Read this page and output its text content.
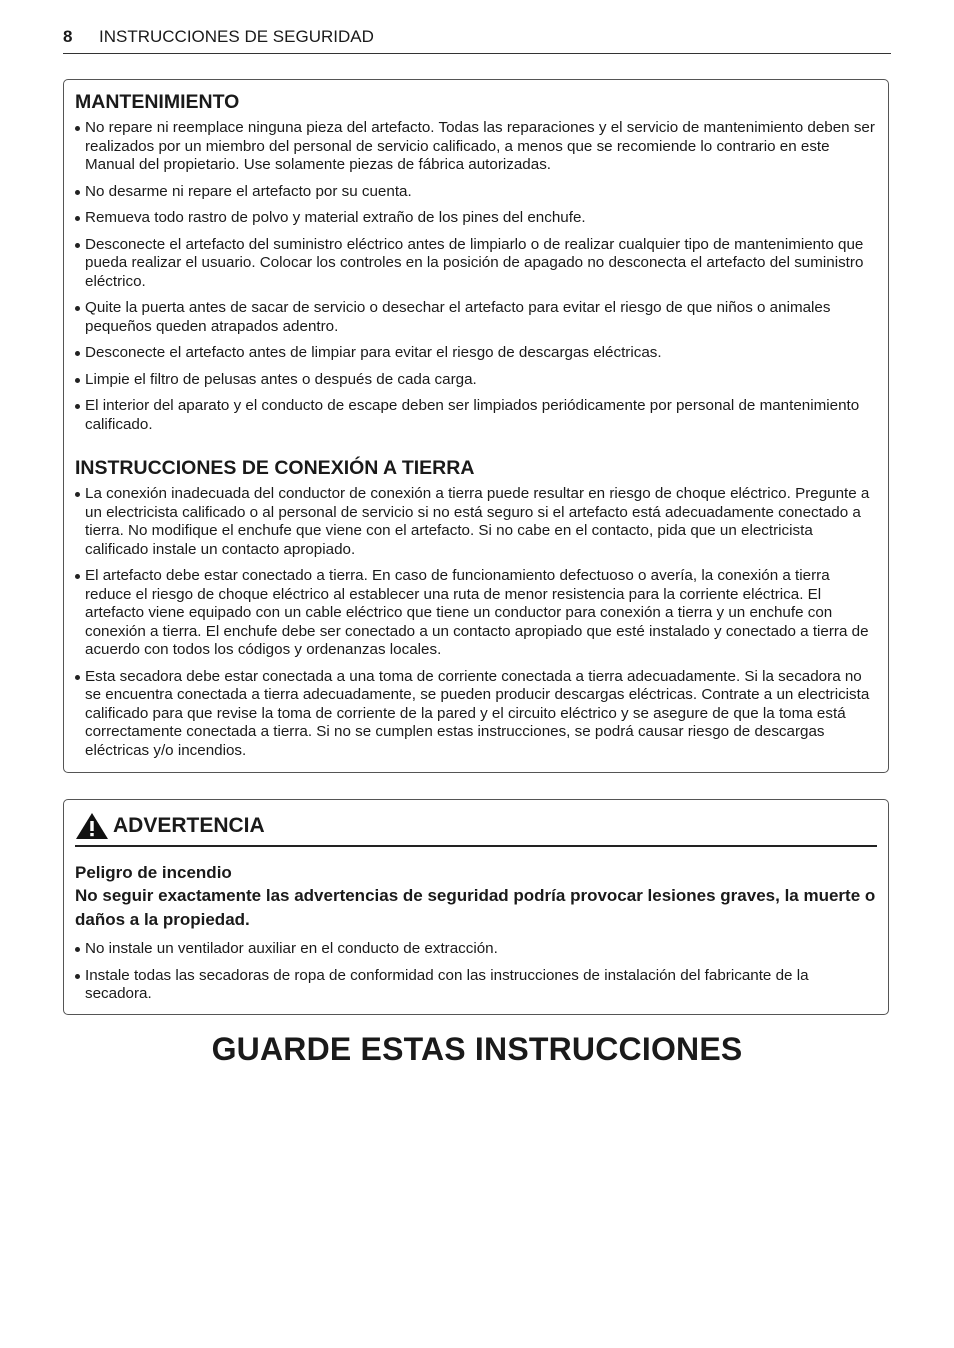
8 INSTRUCCIONES DE SEGURIDAD
MANTENIMIENTO
No repare ni reemplace ninguna pieza del artefacto. Todas las reparaciones y el servicio de mantenimiento deben ser realizados por un miembro del personal de servicio calificado, a menos que se recomiende lo contrario en este Manual del propietario. Use solamente piezas de fábrica autorizadas.
No desarme ni repare el artefacto por su cuenta.
Remueva todo rastro de polvo y material extraño de los pines del enchufe.
Desconecte el artefacto del suministro eléctrico antes de limpiarlo o de realizar cualquier tipo de mantenimiento que pueda realizar el usuario. Colocar los controles en la posición de apagado no desconecta el artefacto del suministro eléctrico.
Quite la puerta antes de sacar de servicio o desechar el artefacto para evitar el riesgo de que niños o animales pequeños queden atrapados adentro.
Desconecte el artefacto antes de limpiar para evitar el riesgo de descargas eléctricas.
Limpie el filtro de pelusas antes o después de cada carga.
El interior del aparato y el conducto de escape deben ser limpiados periódicamente por personal de mantenimiento calificado.
INSTRUCCIONES DE CONEXIÓN A TIERRA
La conexión inadecuada del conductor de conexión a tierra puede resultar en riesgo de choque eléctrico. Pregunte a un electricista calificado o al personal de servicio si no está seguro si el artefacto está adecuadamente conectado a tierra. No modifique el enchufe que viene con el artefacto. Si no cabe en el contacto, pida que un electricista calificado instale un contacto apropiado.
El artefacto debe estar conectado a tierra. En caso de funcionamiento defectuoso o avería, la conexión a tierra reduce el riesgo de choque eléctrico al establecer una ruta de menor resistencia para la corriente eléctrica. El artefacto viene equipado con un cable eléctrico que tiene un conductor para conexión a tierra y un enchufe con conexión a tierra. El enchufe debe ser conectado a un contacto apropiado que esté instalado y conectado a tierra de acuerdo con todos los códigos y ordenanzas locales.
Esta secadora debe estar conectada a una toma de corriente conectada a tierra adecuadamente. Si la secadora no se encuentra conectada a tierra adecuadamente, se pueden producir descargas eléctricas. Contrate a un electricista calificado para que revise la toma de corriente de la pared y el circuito eléctrico y se asegure de que la toma está correctamente conectada a tierra. Si no se cumplen estas instrucciones, se podrá causar riesgo de descargas eléctricas y/o incendios.
ADVERTENCIA

Peligro de incendio

No seguir exactamente las advertencias de seguridad podría provocar lesiones graves, la muerte o daños a la propiedad.

No instale un ventilador auxiliar en el conducto de extracción.
Instale todas las secadoras de ropa de conformidad con las instrucciones de instalación del fabricante de la secadora.
GUARDE ESTAS INSTRUCCIONES
